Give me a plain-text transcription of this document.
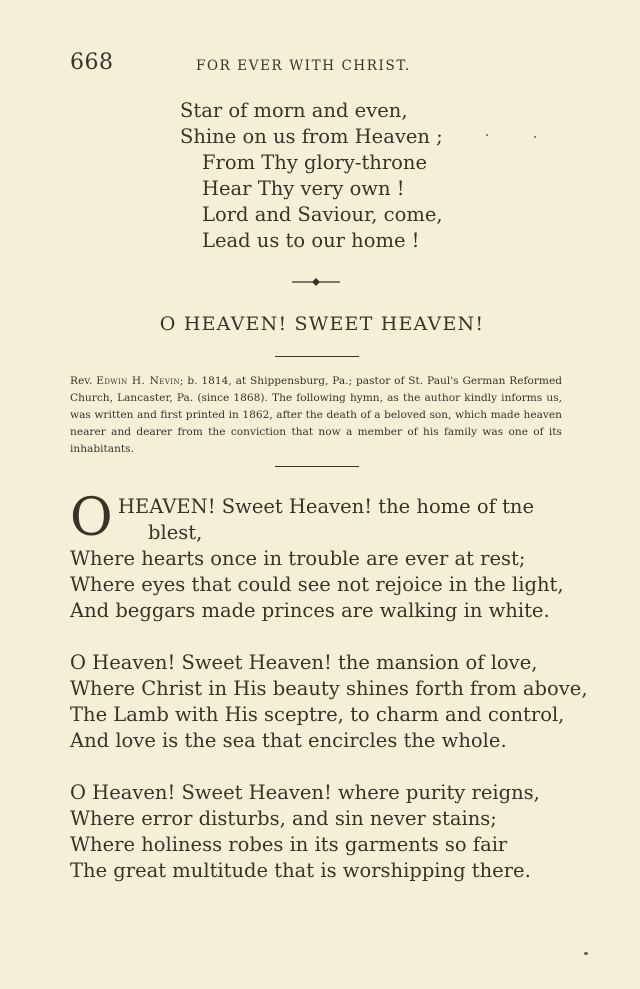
668	FOR EVER WITH CHRIST.
Star of morn and even,
Shine on us from Heaven ;
From Thy glory-throne
Hear Thy very own !
Lord and Saviour, come,
Lead us to our home !
O HEAVEN! SWEET HEAVEN!
Rev. Edwin H. Nevin; b. 1814, at Shippensburg, Pa.; pastor of St. Paul's German Reformed Church, Lancaster, Pa. (since 1868). The following hymn, as the author kindly informs us, was written and first printed in 1862, after the death of a beloved son, which made heaven nearer and dearer from the conviction that now a member of his family was one of its inhabitants.
O HEAVEN! Sweet Heaven! the home of tne
blest,
Where hearts once in trouble are ever at rest;
Where eyes that could see not rejoice in the light,
And beggars made princes are walking in white.
O Heaven! Sweet Heaven! the mansion of love,
Where Christ in His beauty shines forth from above,
The Lamb with His sceptre, to charm and control,
And love is the sea that encircles the whole.
O Heaven! Sweet Heaven! where purity reigns,
Where error disturbs, and sin never stains;
Where holiness robes in its garments so fair
The great multitude that is worshipping there.
